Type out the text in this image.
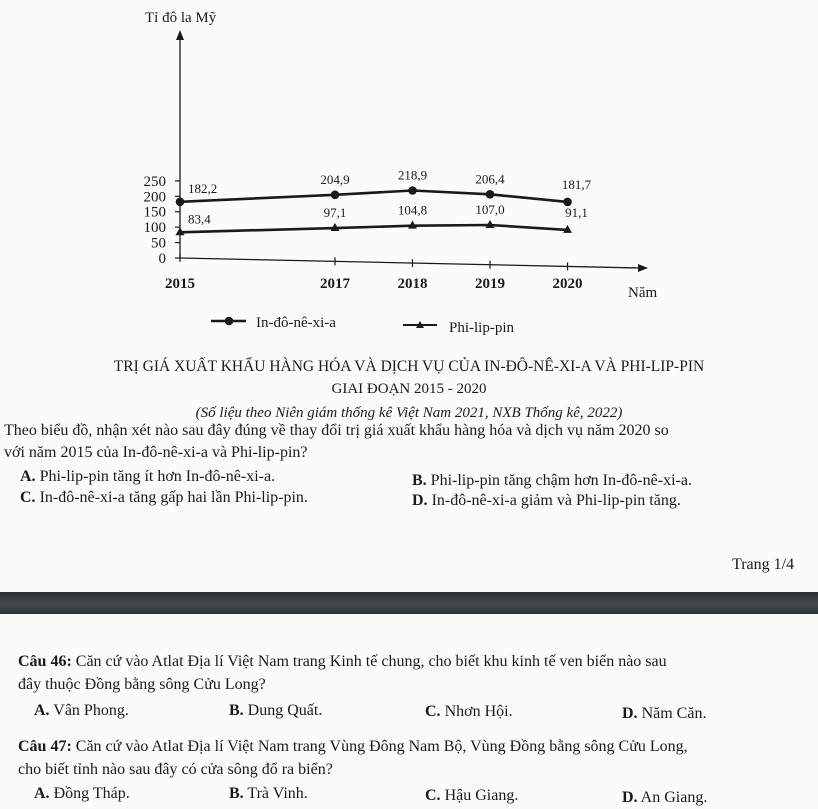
Tỉ đô la Mỹ
Năm
0
50
100
150
200
250
2015	2017	2018	2019	2020
182,2
204,9	218,9	206,4	181,7
83,4	97,1	104,8	107,0	91,1
In-đô-nê-xi-a	Phi-lip-pin
TRỊ GIÁ XUẤT KHẨU HÀNG HÓA VÀ DỊCH VỤ CỦA IN-ĐÔ-NÊ-XI-A VÀ PHI-LIP-PIN
GIAI ĐOẠN 2015 - 2020
(Số liệu theo Niên giám thống kê Việt Nam 2021, NXB Thống kê, 2022)
Theo biểu đồ, nhận xét nào sau đây đúng về thay đổi trị giá xuất khẩu hàng hóa và dịch vụ năm 2020 so
với năm 2015 của In-đô-nê-xi-a và Phi-lip-pin?
A. Phi-lip-pin tăng ít hơn In-đô-nê-xi-a.	B. Phi-lip-pin tăng chậm hơn In-đô-nê-xi-a.
C. In-đô-nê-xi-a tăng gấp hai lần Phi-lip-pin.	D. In-đô-nê-xi-a giảm và Phi-lip-pin tăng.
Trang 1/4
Câu 46: Căn cứ vào Atlat Địa lí Việt Nam trang Kinh tế chung, cho biết khu kinh tế ven biển nào sau
đây thuộc Đồng bằng sông Cửu Long?
A. Vân Phong.	B. Dung Quất.	C. Nhơn Hội.	D. Năm Căn.
Câu 47: Căn cứ vào Atlat Địa lí Việt Nam trang Vùng Đông Nam Bộ, Vùng Đồng bằng sông Cửu Long,
cho biết tỉnh nào sau đây có cửa sông đổ ra biển?
A. Đồng Tháp.	B. Trà Vinh.	C. Hậu Giang.	D. An Giang.
